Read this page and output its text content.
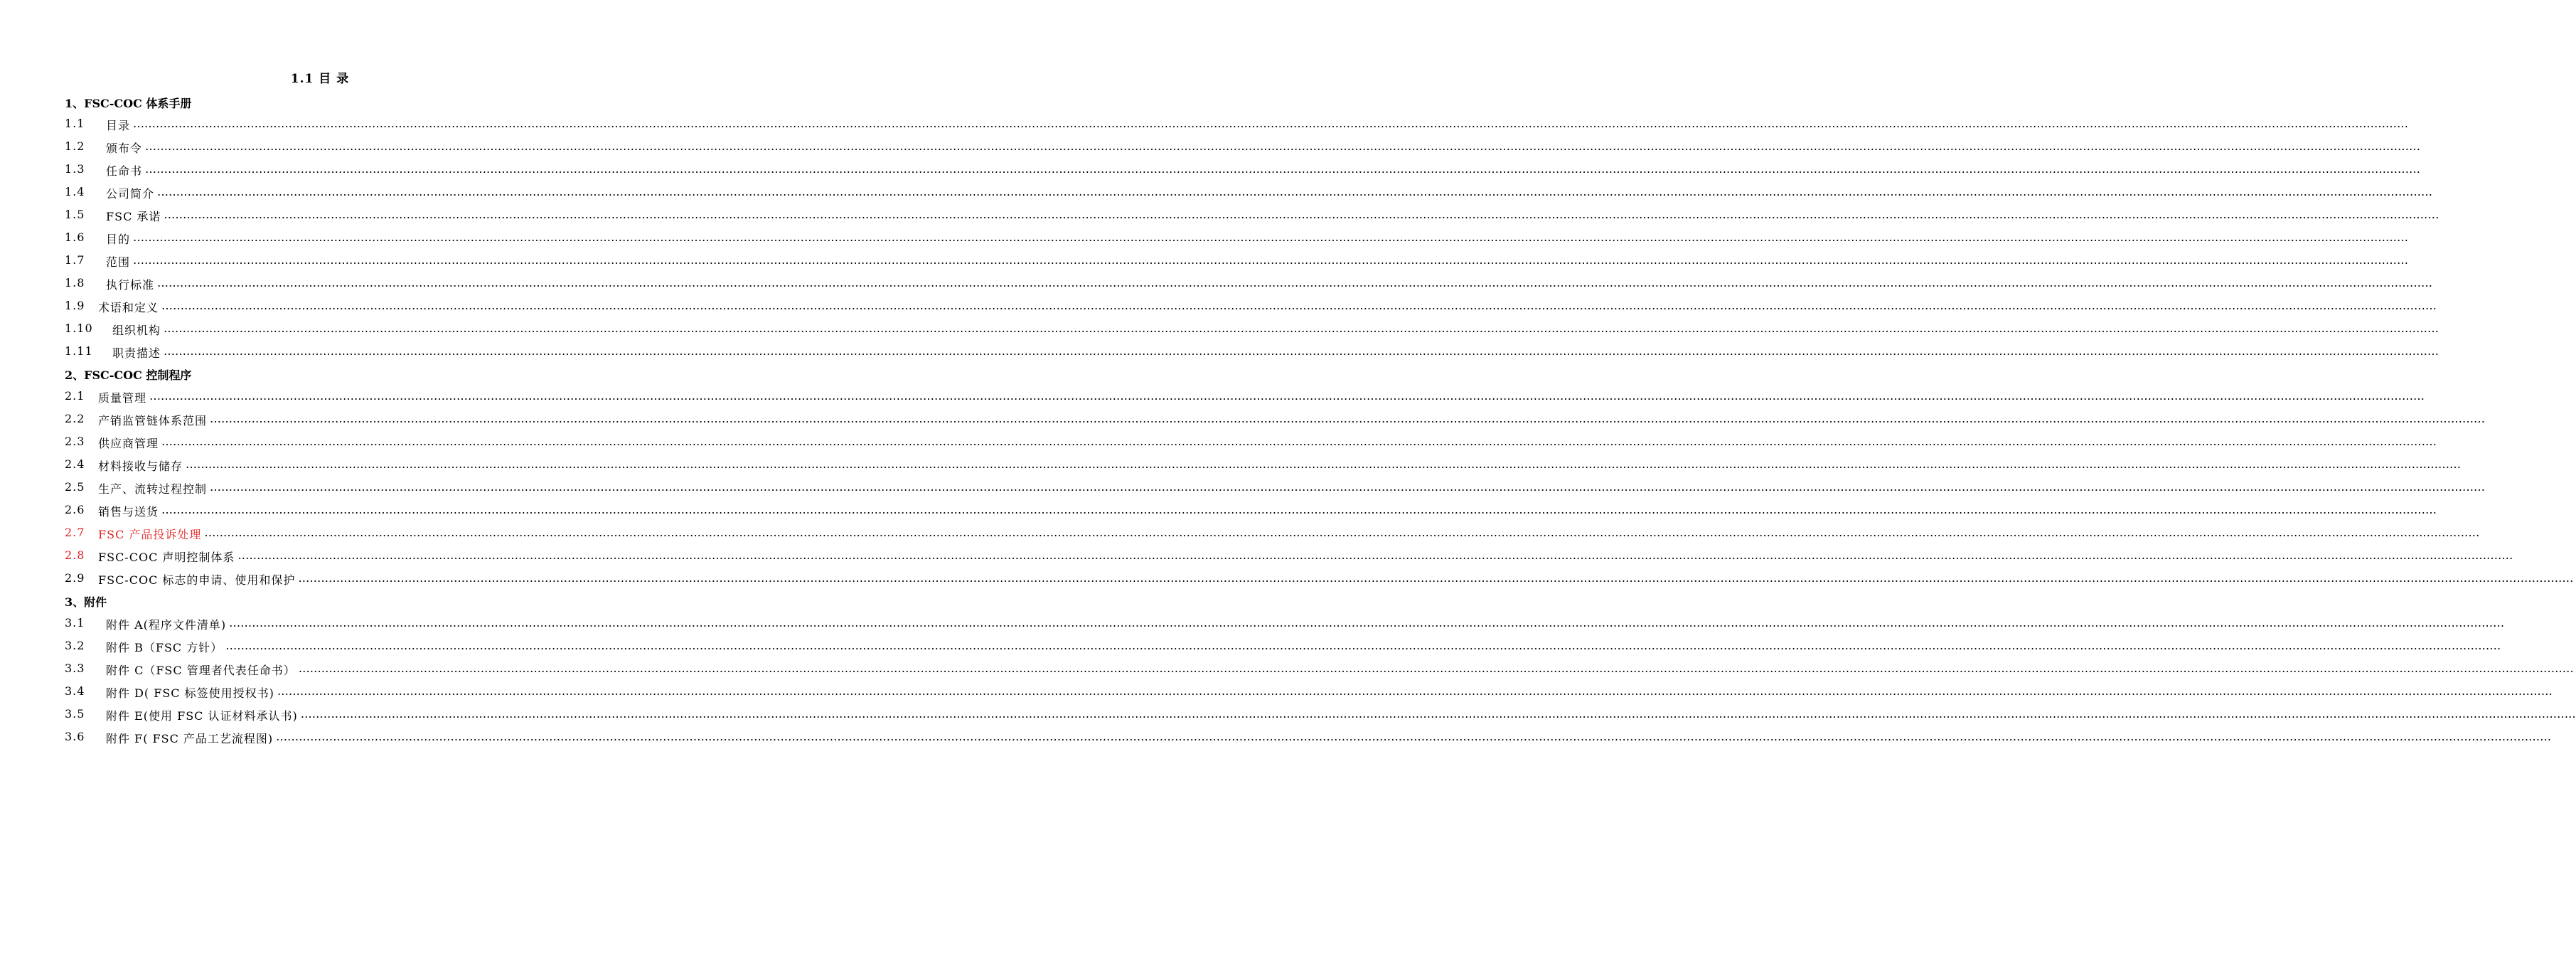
1.1 目 录
1、FSC-COC 体系手册
1.1 目录 ……………………………………………………………………………………………………………………………………………………………………………………………………………………………………………………………………………………………………………………………………………………………………………………………………………………………………………………………………………………………………………………………………………………
1.2 颁布令 ……………………………………………………………………………………………………………………………………………………………………………………………………………………………………………………………………………………………………………………………………………………………………………………………………………………………………………………………………………………………………………………………………………………
1.3 任命书 ……………………………………………………………………………………………………………………………………………………………………………………………………………………………………………………………………………………………………………………………………………………………………………………………………………………………………………………………………………………………………………………………………………………
1.4 公司简介 ……………………………………………………………………………………………………………………………………………………………………………………………………………………………………………………………………………………………………………………………………………………………………………………………………………………………………………………………………………………………………………………………………………………
1.5 FSC 承诺 ……………………………………………………………………………………………………………………………………………………………………………………………………………………………………………………………………………………………………………………………………………………………………………………………………………………………………………………………………………………………………………………………………………………
1.6 目的 ……………………………………………………………………………………………………………………………………………………………………………………………………………………………………………………………………………………………………………………………………………………………………………………………………………………………………………………………………………………………………………………………………………………
1.7 范围 ……………………………………………………………………………………………………………………………………………………………………………………………………………………………………………………………………………………………………………………………………………………………………………………………………………………………………………………………………………………………………………………………………………………
1.8 执行标准 ……………………………………………………………………………………………………………………………………………………………………………………………………………………………………………………………………………………………………………………………………………………………………………………………………………………………………………………………………………………………………………………………………………………
1.9 术语和定义 ……………………………………………………………………………………………………………………………………………………………………………………………………………………………………………………………………………………………………………………………………………………………………………………………………………………………………………………………………………………………………………………………………………………
1.10 组织机构 ……………………………………………………………………………………………………………………………………………………………………………………………………………………………………………………………………………………………………………………………………………………………………………………………………………………………………………………………………………………………………………………………………………………
1.11 职责描述 ……………………………………………………………………………………………………………………………………………………………………………………………………………………………………………………………………………………………………………………………………………………………………………………………………………………………………………………………………………………………………………………………………………………
2、FSC-COC 控制程序
2.1 质量管理 ……………………………………………………………………………………………………………………………………………………………………………………………………………………………………………………………………………………………………………………………………………………………………………………………………………………………………………………………………………………………………………………………………………………
2.2 产销监管链体系范围 ……………………………………………………………………………………………………………………………………………………………………………………………………………………………………………………………………………………………………………………………………………………………………………………………………………………………………………………………………………………………………………………………………………………
2.3 供应商管理 ……………………………………………………………………………………………………………………………………………………………………………………………………………………………………………………………………………………………………………………………………………………………………………………………………………………………………………………………………………………………………………………………………………………
2.4 材料接收与储存 ……………………………………………………………………………………………………………………………………………………………………………………………………………………………………………………………………………………………………………………………………………………………………………………………………………………………………………………………………………………………………………………………………………………
2.5 生产、流转过程控制 ……………………………………………………………………………………………………………………………………………………………………………………………………………………………………………………………………………………………………………………………………………………………………………………………………………………………………………………………………………………………………………………………………………………
2.6 销售与送货 ……………………………………………………………………………………………………………………………………………………………………………………………………………………………………………………………………………………………………………………………………………………………………………………………………………………………………………………………………………………………………………………………………………………
2.7 FSC 产品投诉处理 ……………………………………………………………………………………………………………………………………………………………………………………………………………………………………………………………………………………………………………………………………………………………………………………………………………………………………………………………………………………………………………………………………………………
2.8 FSC-COC 声明控制体系 ……………………………………………………………………………………………………………………………………………………………………………………………………………………………………………………………………………………………………………………………………………………………………………………………………………………………………………………………………………………………………………………………………………………
2.9 FSC-COC 标志的申请、使用和保护 ……………………………………………………………………………………………………………………………………………………………………………………………………………………………………………………………………………………………………………………………………………………………………………………………………………………………………………………………………………………………………………………………………………………
3、附件
3.1 附件 A(程序文件清单) ……………………………………………………………………………………………………………………………………………………………………………………………………………………………………………………………………………………………………………………………………………………………………………………………………………………………………………………………………………………………………………………………………………………
3.2 附件 B（FSC 方针） ……………………………………………………………………………………………………………………………………………………………………………………………………………………………………………………………………………………………………………………………………………………………………………………………………………………………………………………………………………………………………………………………………………………
3.3 附件 C（FSC 管理者代表任命书） ……………………………………………………………………………………………………………………………………………………………………………………………………………………………………………………………………………………………………………………………………………………………………………………………………………………………………………………………………………………………………………………………………………………
3.4 附件 D( FSC 标签使用授权书) ……………………………………………………………………………………………………………………………………………………………………………………………………………………………………………………………………………………………………………………………………………………………………………………………………………………………………………………………………………………………………………………………………………………
3.5 附件 E(使用 FSC 认证材料承认书) ……………………………………………………………………………………………………………………………………………………………………………………………………………………………………………………………………………………………………………………………………………………………………………………………………………………………………………………………………………………………………………………………………………………
3.6 附件 F( FSC 产品工艺流程图) ……………………………………………………………………………………………………………………………………………………………………………………………………………………………………………………………………………………………………………………………………………………………………………………………………………………………………………………………………………………………………………………………………………………
